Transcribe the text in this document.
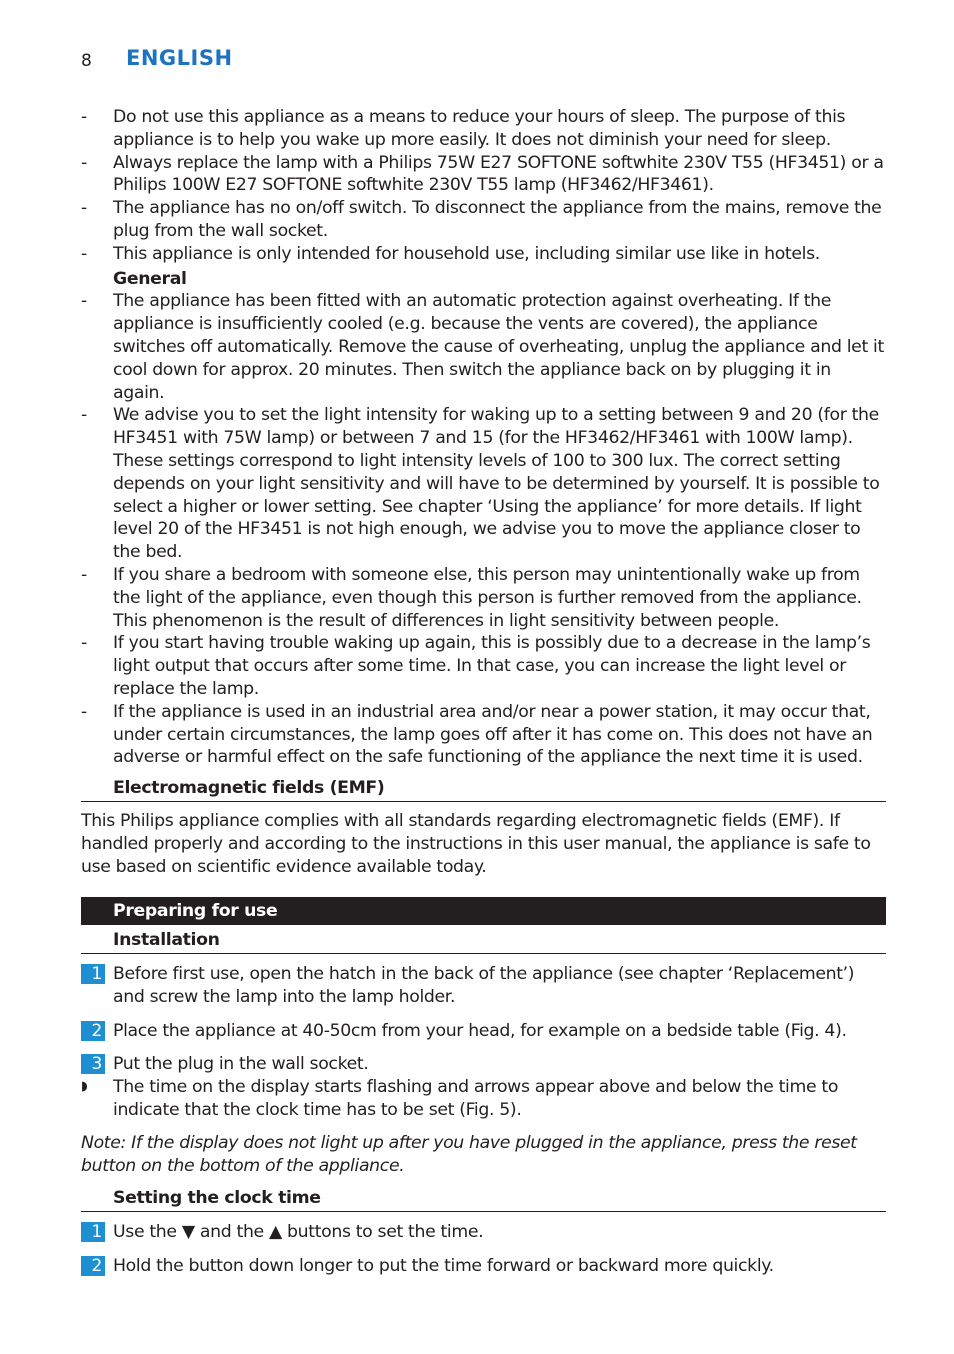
8 ENGLISH
- Do not use this appliance as a means to reduce your hours of sleep. The purpose of this appliance is to help you wake up more easily. It does not diminish your need for sleep.
- Always replace the lamp with a Philips 75W E27 SOFTONE softwhite 230V T55 (HF3451) or a Philips 100W E27 SOFTONE softwhite 230V T55 lamp (HF3462/HF3461).
- The appliance has no on/off switch. To disconnect the appliance from the mains, remove the plug from the wall socket.
- This appliance is only intended for household use, including similar use like in hotels.
General
- The appliance has been fitted with an automatic protection against overheating. If the appliance is insufficiently cooled (e.g. because the vents are covered), the appliance switches off automatically. Remove the cause of overheating, unplug the appliance and let it cool down for approx. 20 minutes. Then switch the appliance back on by plugging it in again.
- We advise you to set the light intensity for waking up to a setting between 9 and 20 (for the HF3451 with 75W lamp) or between 7 and 15 (for the HF3462/HF3461 with 100W lamp). These settings correspond to light intensity levels of 100 to 300 lux. The correct setting depends on your light sensitivity and will have to be determined by yourself. It is possible to select a higher or lower setting. See chapter ‘Using the appliance’ for more details. If light level 20 of the HF3451 is not high enough, we advise you to move the appliance closer to the bed.
- If you share a bedroom with someone else, this person may unintentionally wake up from the light of the appliance, even though this person is further removed from the appliance. This phenomenon is the result of differences in light sensitivity between people.
- If you start having trouble waking up again, this is possibly due to a decrease in the lamp’s light output that occurs after some time. In that case, you can increase the light level or replace the lamp.
- If the appliance is used in an industrial area and/or near a power station, it may occur that, under certain circumstances, the lamp goes off after it has come on. This does not have an adverse or harmful effect on the safe functioning of the appliance the next time it is used.
Electromagnetic fields (EMF)
This Philips appliance complies with all standards regarding electromagnetic fields (EMF). If handled properly and according to the instructions in this user manual, the appliance is safe to use based on scientific evidence available today.
Preparing for use
Installation
1 Before first use, open the hatch in the back of the appliance (see chapter ‘Replacement’) and screw the lamp into the lamp holder.
2 Place the appliance at 40-50cm from your head, for example on a bedside table (Fig. 4).
3 Put the plug in the wall socket.
◗ The time on the display starts flashing and arrows appear above and below the time to indicate that the clock time has to be set (Fig. 5).
Note: If the display does not light up after you have plugged in the appliance, press the reset button on the bottom of the appliance.
Setting the clock time
1 Use the ▼ and the ▲ buttons to set the time.
2 Hold the button down longer to put the time forward or backward more quickly.
